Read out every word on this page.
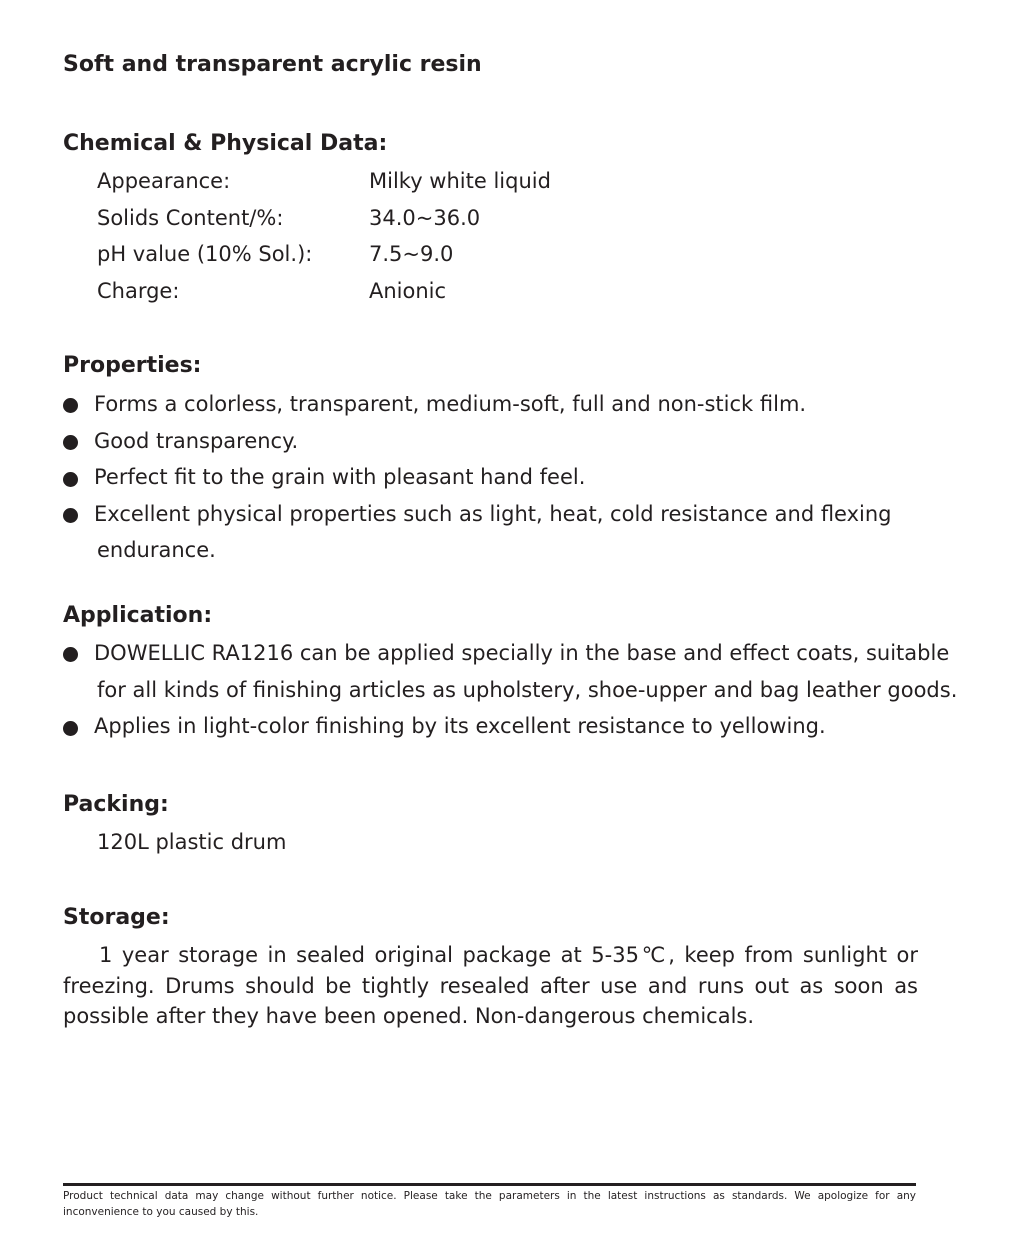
Soft and transparent acrylic resin
Chemical & Physical Data:
Appearance:	Milky white liquid
Solids Content/%:	34.0~36.0
pH value (10% Sol.):	7.5~9.0
Charge:	Anionic
Properties:
Forms a colorless, transparent, medium-soft, full and non-stick film.
Good transparency.
Perfect fit to the grain with pleasant hand feel.
Excellent physical properties such as light, heat, cold resistance and flexing
endurance.
Application:
DOWELLIC RA1216 can be applied specially in the base and effect coats, suitable
for all kinds of finishing articles as upholstery, shoe-upper and bag leather goods.
Applies in light-color finishing by its excellent resistance to yellowing.
Packing:
120L plastic drum
Storage:
1 year storage in sealed original package at 5-35℃, keep from sunlight or freezing. Drums should be tightly resealed after use and runs out as soon as possible after they have been opened. Non-dangerous chemicals.
Product technical data may change without further notice. Please take the parameters in the latest instructions as standards. We apologize for any inconvenience to you caused by this.
